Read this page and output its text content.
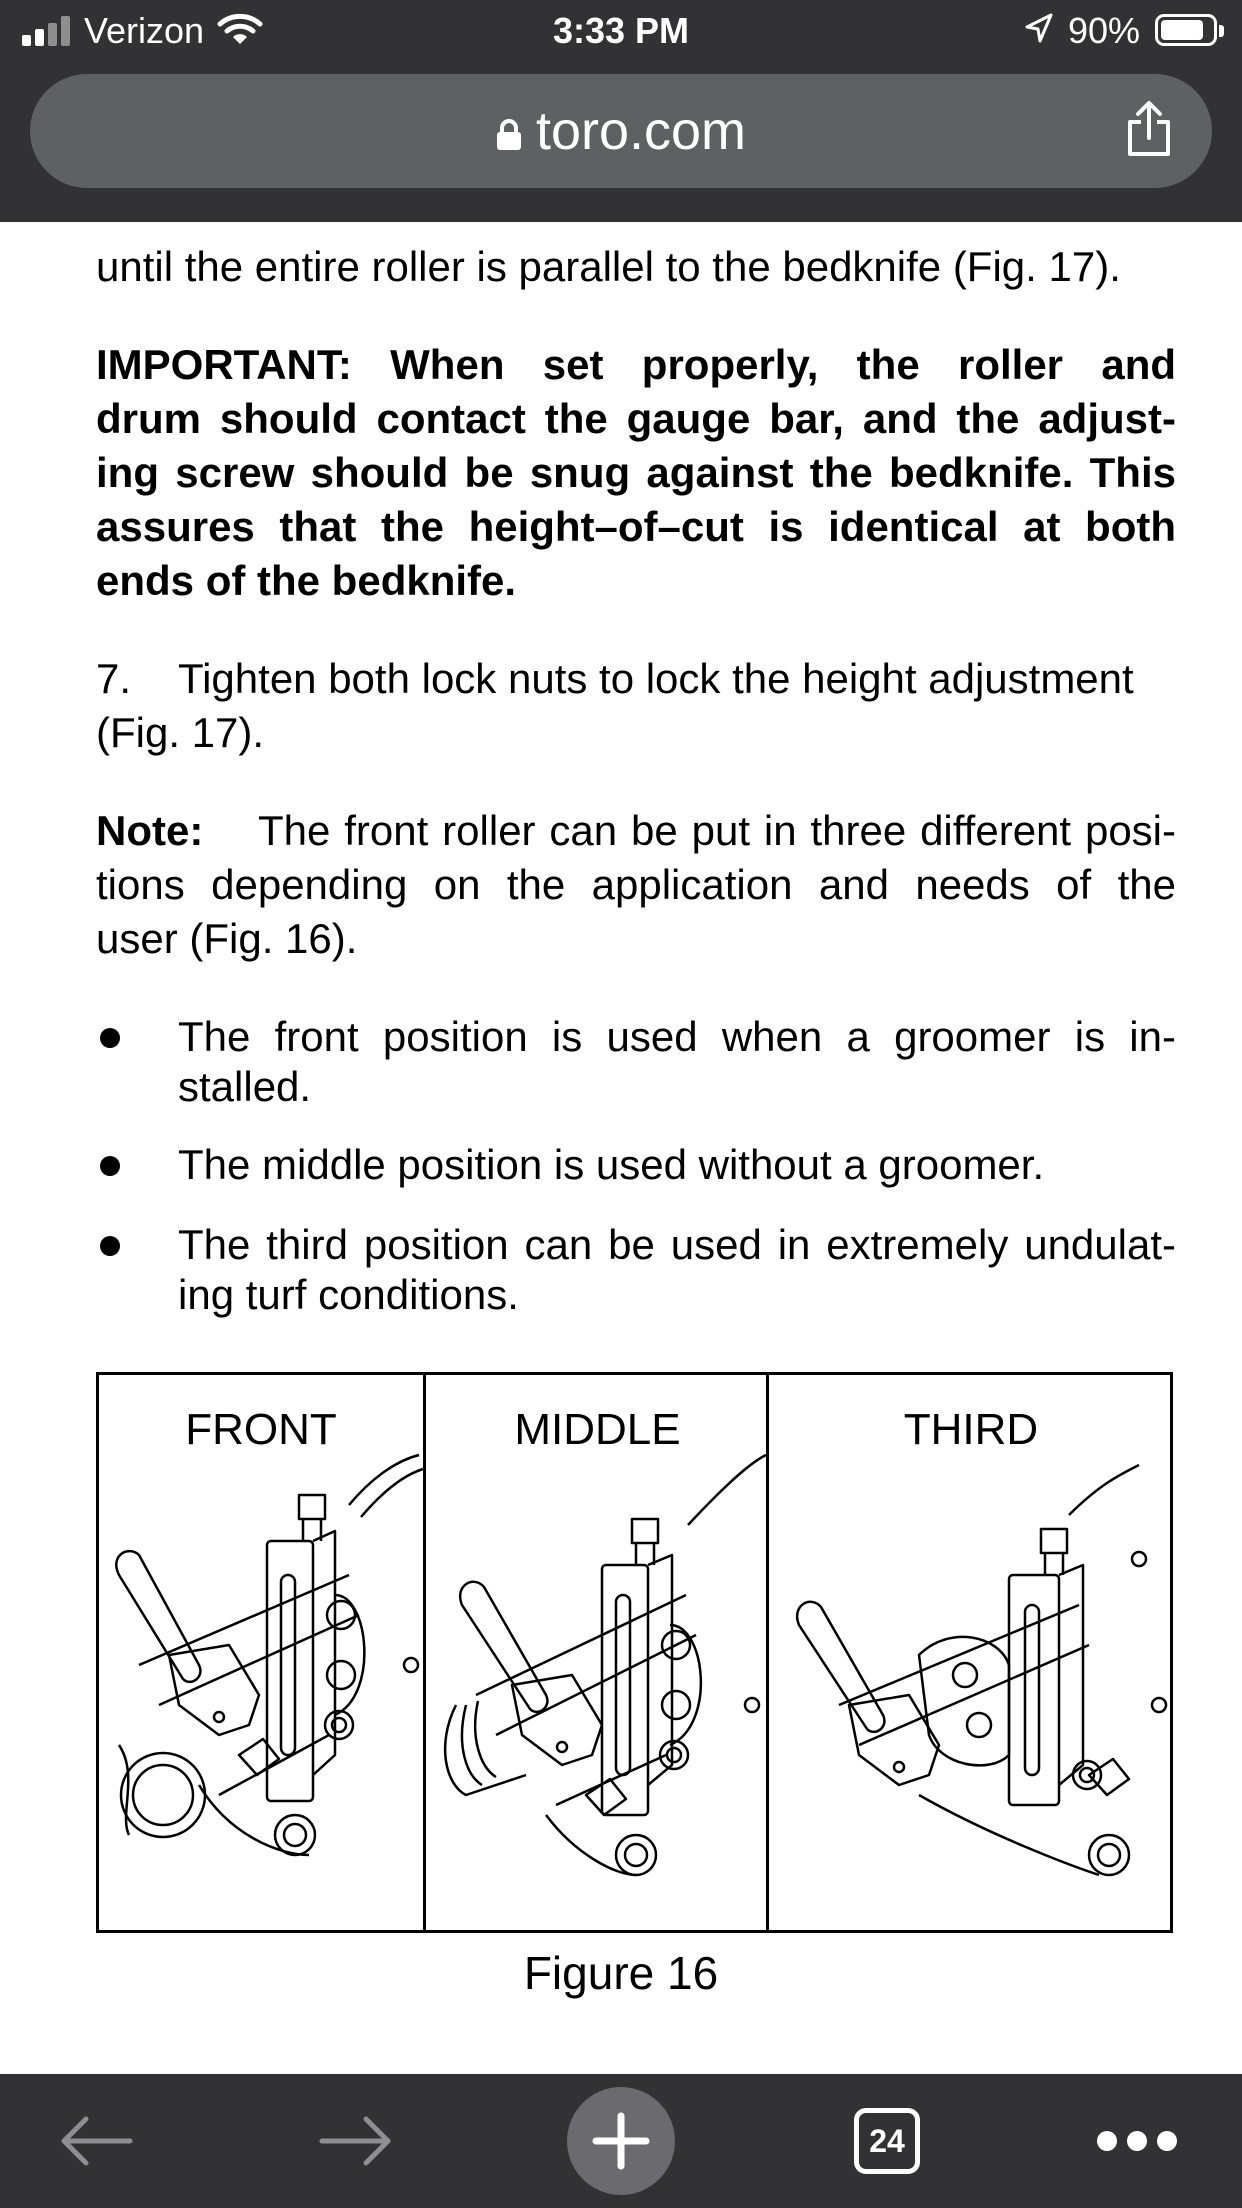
Verizon	3:33 PM	90%
toro.com
until the entire roller is parallel to the bedknife (Fig. 17).
IMPORTANT: When set properly, the roller and
drum should contact the gauge bar, and the adjust-
ing screw should be snug against the bedknife. This
assures that the height–of–cut is identical at both
ends of the bedknife.
7.	Tighten both lock nuts to lock the height adjustment
(Fig. 17).
Note:	The front roller can be put in three different posi-
tions depending on the application and needs of the
user (Fig. 16).
The front position is used when a groomer is in-
stalled.
The middle position is used without a groomer.
The third position can be used in extremely undulat-
ing turf conditions.
FRONT	MIDDLE	THIRD
Figure 16
24
